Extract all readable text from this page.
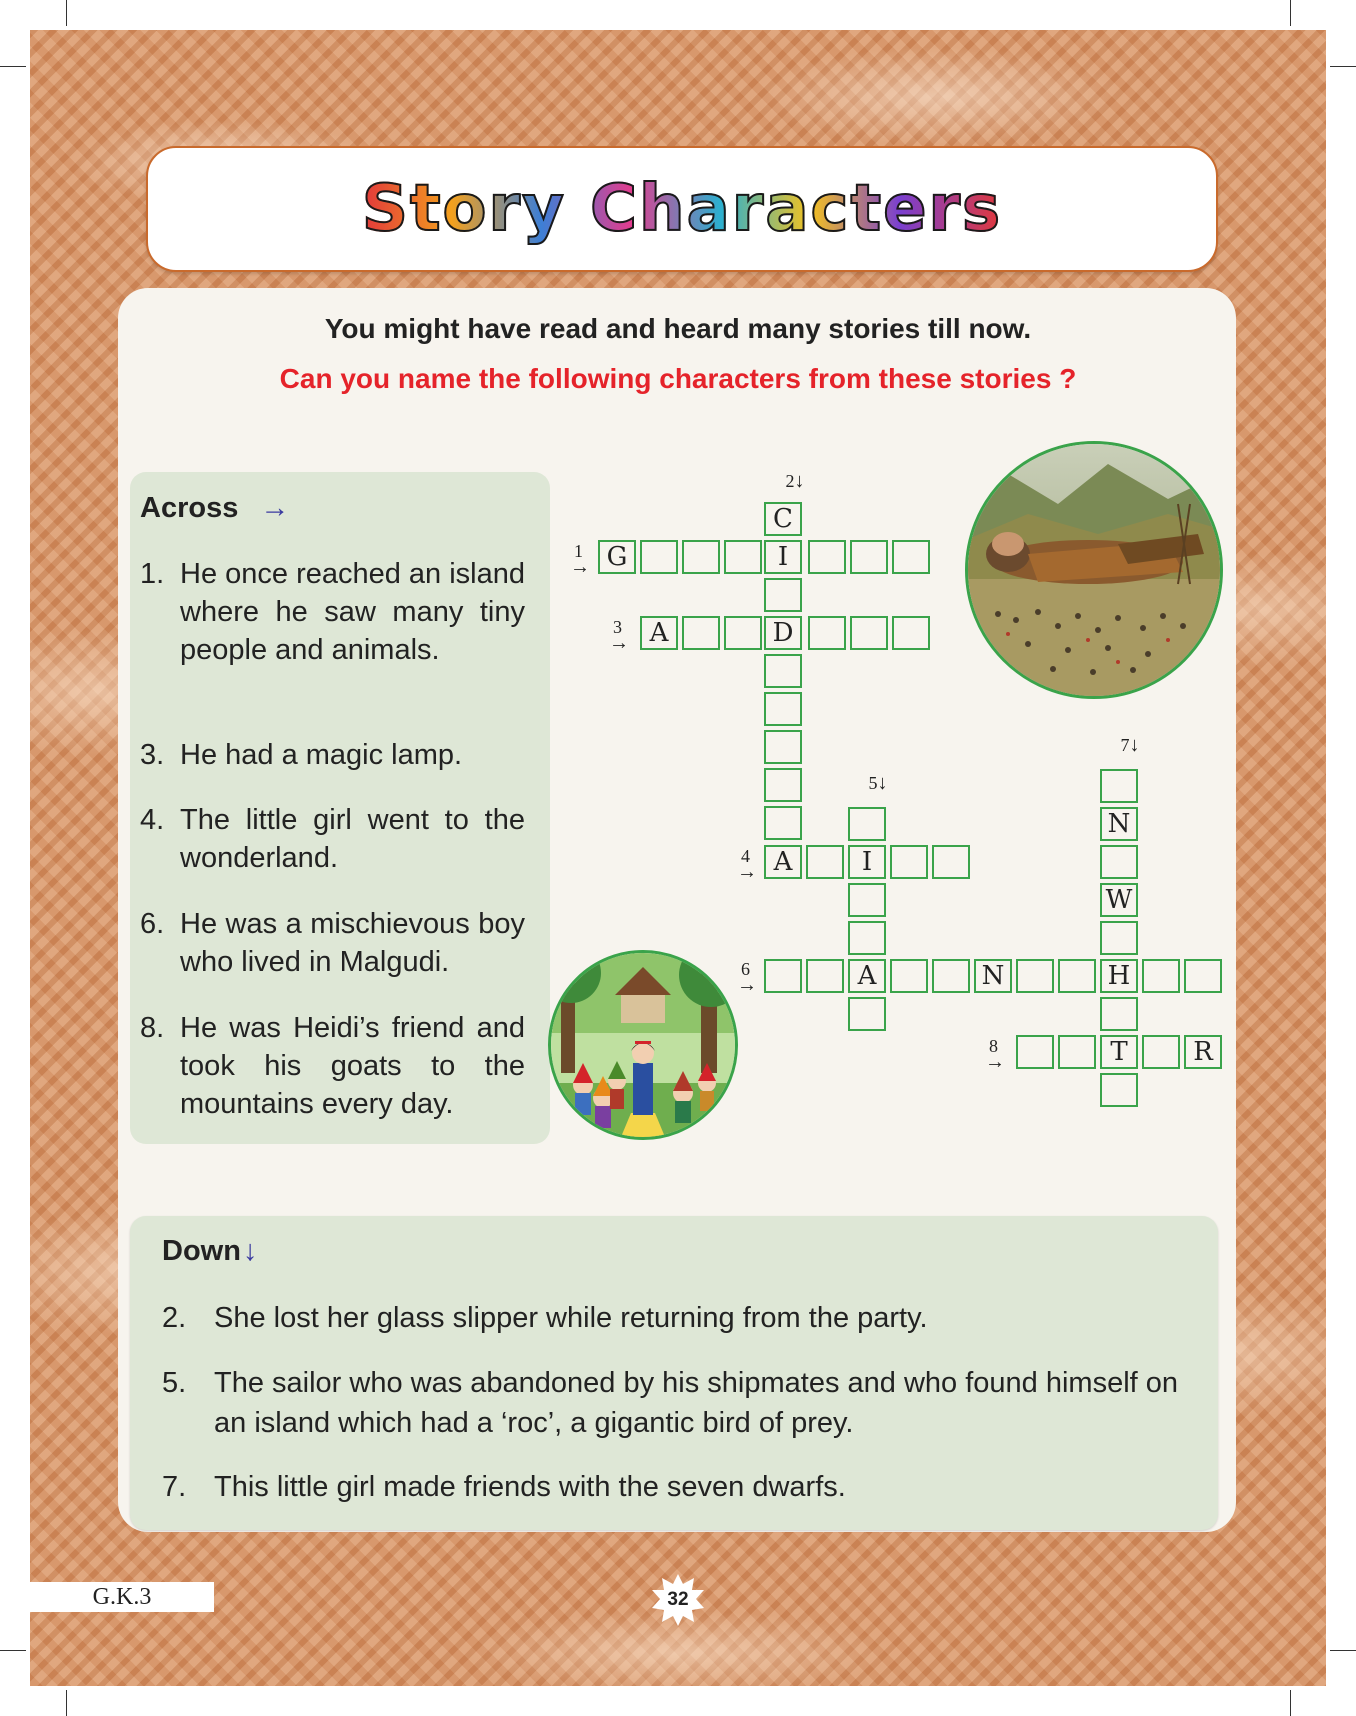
Story Characters
You might have read and heard many stories till now.
Can you name the following characters from these stories ?
Across →
1. He once reached an island where he saw many tiny people and animals.
3. He had a magic lamp.
4. The little girl went to the wonderland.
6. He was a mischievous boy who lived in Malgudi.
8. He was Heidi’s friend and took his goats to the mountains every day.
C
G
A
A	I
A	N	H
N
W
T	R
I
D
1
→
2↓
3
→
4
→
5↓
6
→
7↓
8
→
Down↓
2. She lost her glass slipper while returning from the party.
5. The sailor who was abandoned by his shipmates and who found himself on an island which had a ‘roc’, a gigantic bird of prey.
7. This little girl made friends with the seven dwarfs.
G.K.3	32
